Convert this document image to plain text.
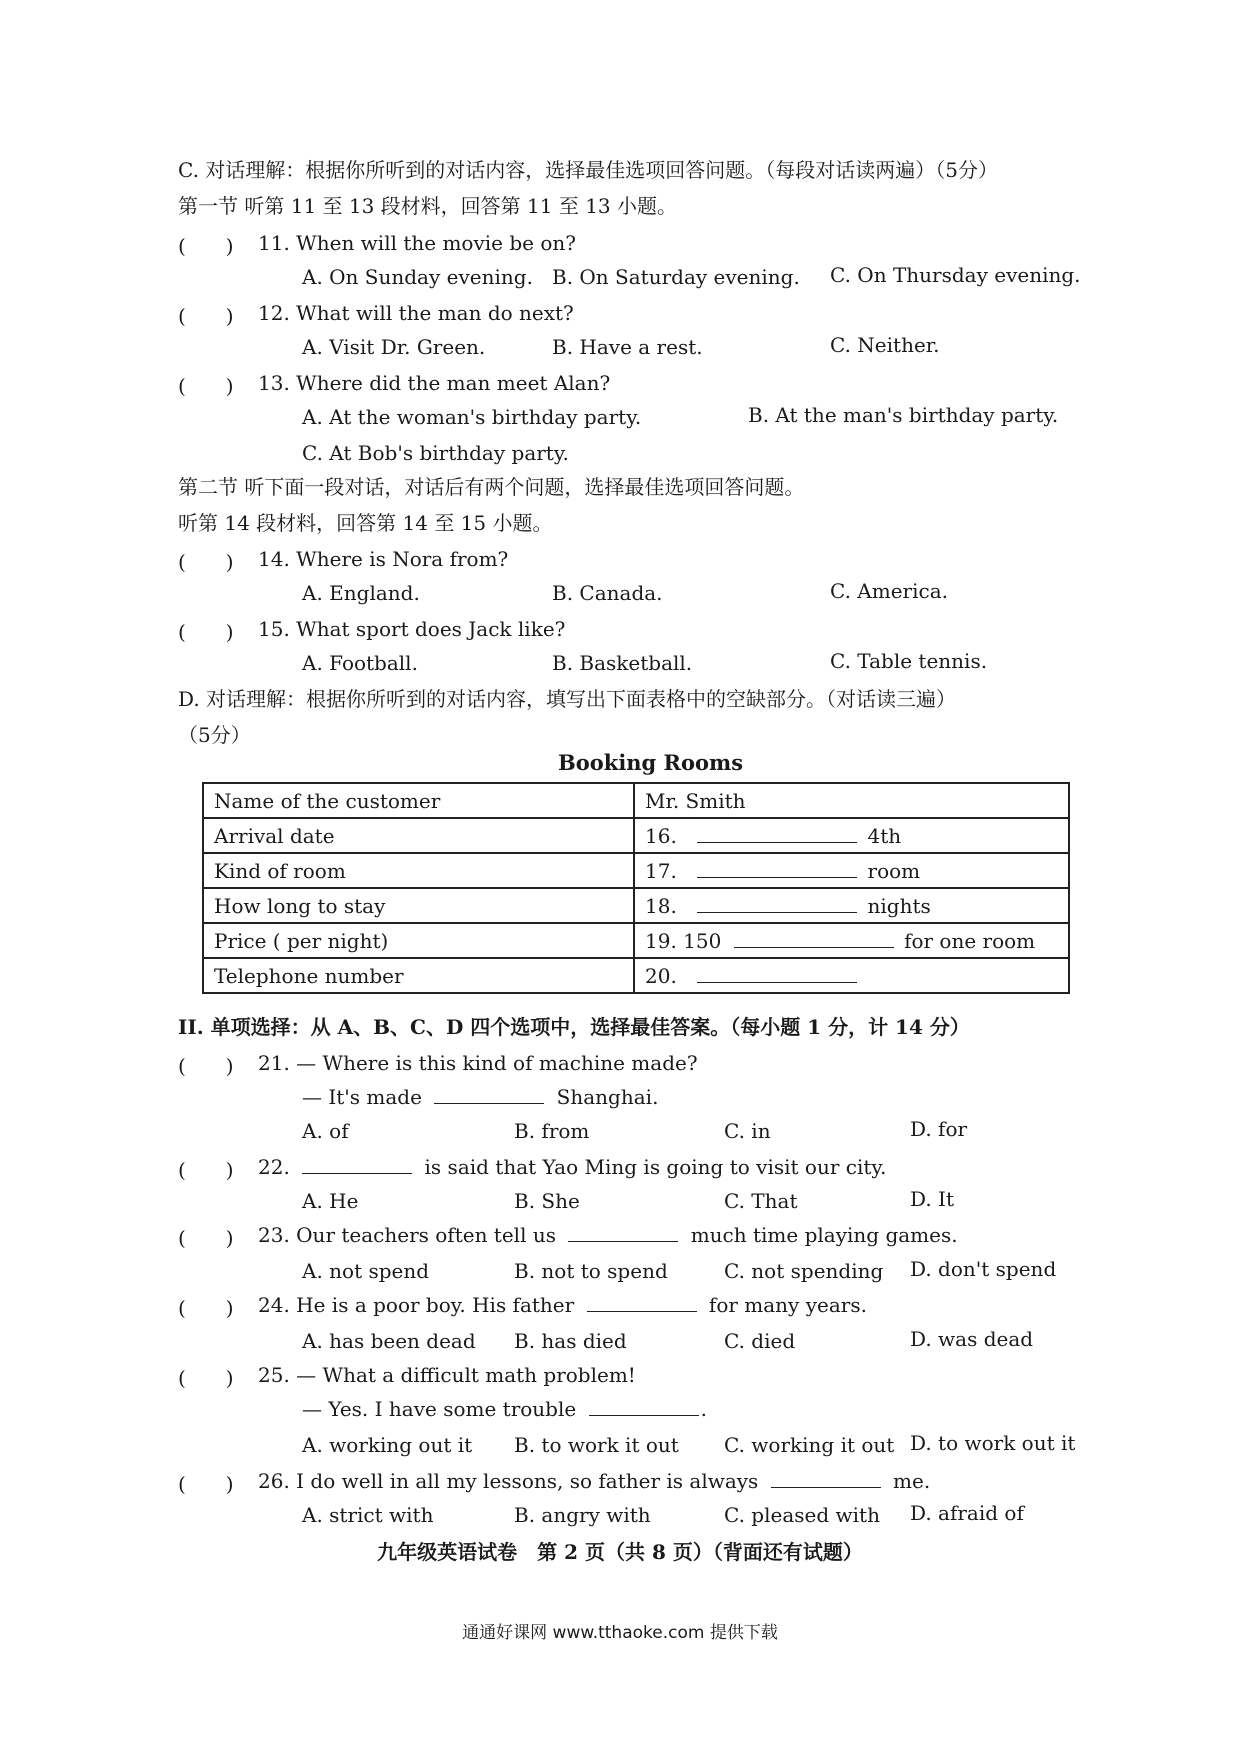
C. 对话理解：根据你所听到的对话内容，选择最佳选项回答问题。（每段对话读两遍）（5分）
第一节 听第 11 至 13 段材料，回答第 11 至 13 小题。
(　　) 11. When will the movie be on?
A. On Sunday evening. B. On Saturday evening. C. On Thursday evening.
(　　) 12. What will the man do next?
A. Visit Dr. Green.	B. Have a rest.	C. Neither.
(　　) 13. Where did the man meet Alan?
A. At the woman's birthday party.	B. At the man's birthday party.
C. At Bob's birthday party.
第二节 听下面一段对话，对话后有两个问题，选择最佳选项回答问题。
听第 14 段材料，回答第 14 至 15 小题。
(　　) 14. Where is Nora from?
A. England.	B. Canada.	C. America.
(　　) 15. What sport does Jack like?
A. Football.	B. Basketball.	C. Table tennis.
D. 对话理解：根据你所听到的对话内容，填写出下面表格中的空缺部分。（对话读三遍）
（5分）
Booking Rooms
Name of the customer	Mr. Smith
Arrival date	16. 4th
Kind of room	17. room
How long to stay	18. nights
Price ( per night)	19. 150 for one room
Telephone number	20.
II. 单项选择：从 A、B、C、D 四个选项中，选择最佳答案。（每小题 1 分，计 14 分）
(　　) 21. — Where is this kind of machine made?
— It's made	Shanghai.
A. of	B. from	C. in	D. for
(　　) 22.	is said that Yao Ming is going to visit our city.
A. He	B. She	C. That	D. It
(　　) 23. Our teachers often tell us	much time playing games.
A. not spend	B. not to spend	C. not spending D. don't spend
(　　) 24. He is a poor boy. His father	for many years.
A. has been dead B. has died	C. died	D. was dead
(　　) 25. — What a difficult math problem!
— Yes. I have some trouble	.
A. working out it B. to work it out C. working it out D. to work out it
(　　) 26. I do well in all my lessons, so father is always	me.
A. strict with	B. angry with	C. pleased with D. afraid of
九年级英语试卷　第 2 页（共 8 页）（背面还有试题）
通通好课网 www.tthaoke.com 提供下载
